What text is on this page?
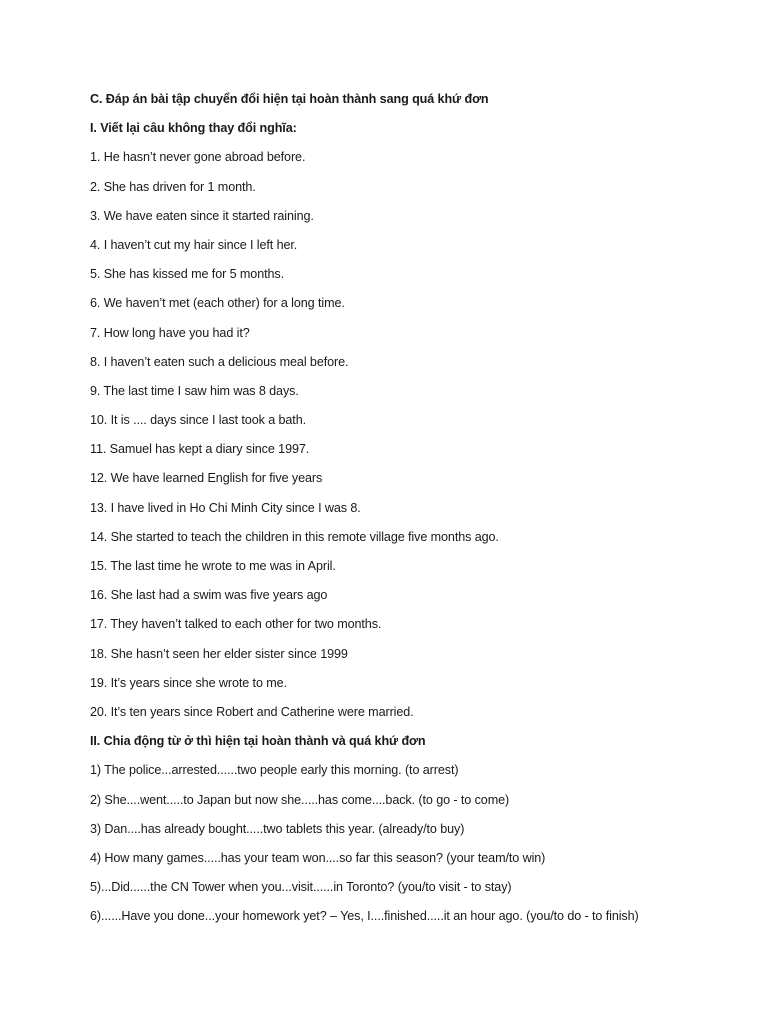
C. Đáp án bài tập chuyển đổi hiện tại hoàn thành sang quá khứ đơn
I. Viết lại câu không thay đổi nghĩa:
1. He hasn’t never gone abroad before.
2. She has driven for 1 month.
3. We have eaten since it started raining.
4. I haven’t cut my hair since I left her.
5. She has kissed me for 5 months.
6. We haven’t met (each other) for a long time.
7. How long have you had it?
8. I haven’t eaten such a delicious meal before.
9. The last time I saw him was 8 days.
10. It is .... days since I last took a bath.
11. Samuel has kept a diary since 1997.
12. We have learned English for five years
13. I have lived in Ho Chi Minh City since I was 8.
14. She started to teach the children in this remote village five months ago.
15. The last time he wrote to me was in April.
16. She last had a swim was five years ago
17. They haven’t talked to each other for two months.
18. She hasn’t seen her elder sister since 1999
19. It’s years since she wrote to me.
20. It’s ten years since Robert and Catherine were married.
II. Chia động từ ở thì hiện tại hoàn thành và quá khứ đơn
1) The police...arrested......two people early this morning. (to arrest)
2) She....went.....to Japan but now she.....has come....back. (to go - to come)
3) Dan....has already bought.....two tablets this year. (already/to buy)
4) How many games.....has your team won....so far this season? (your team/to win)
5)...Did......the CN Tower when you...visit......in Toronto? (you/to visit - to stay)
6)......Have you done...your homework yet? – Yes, I....finished.....it an hour ago. (you/to do - to finish)
